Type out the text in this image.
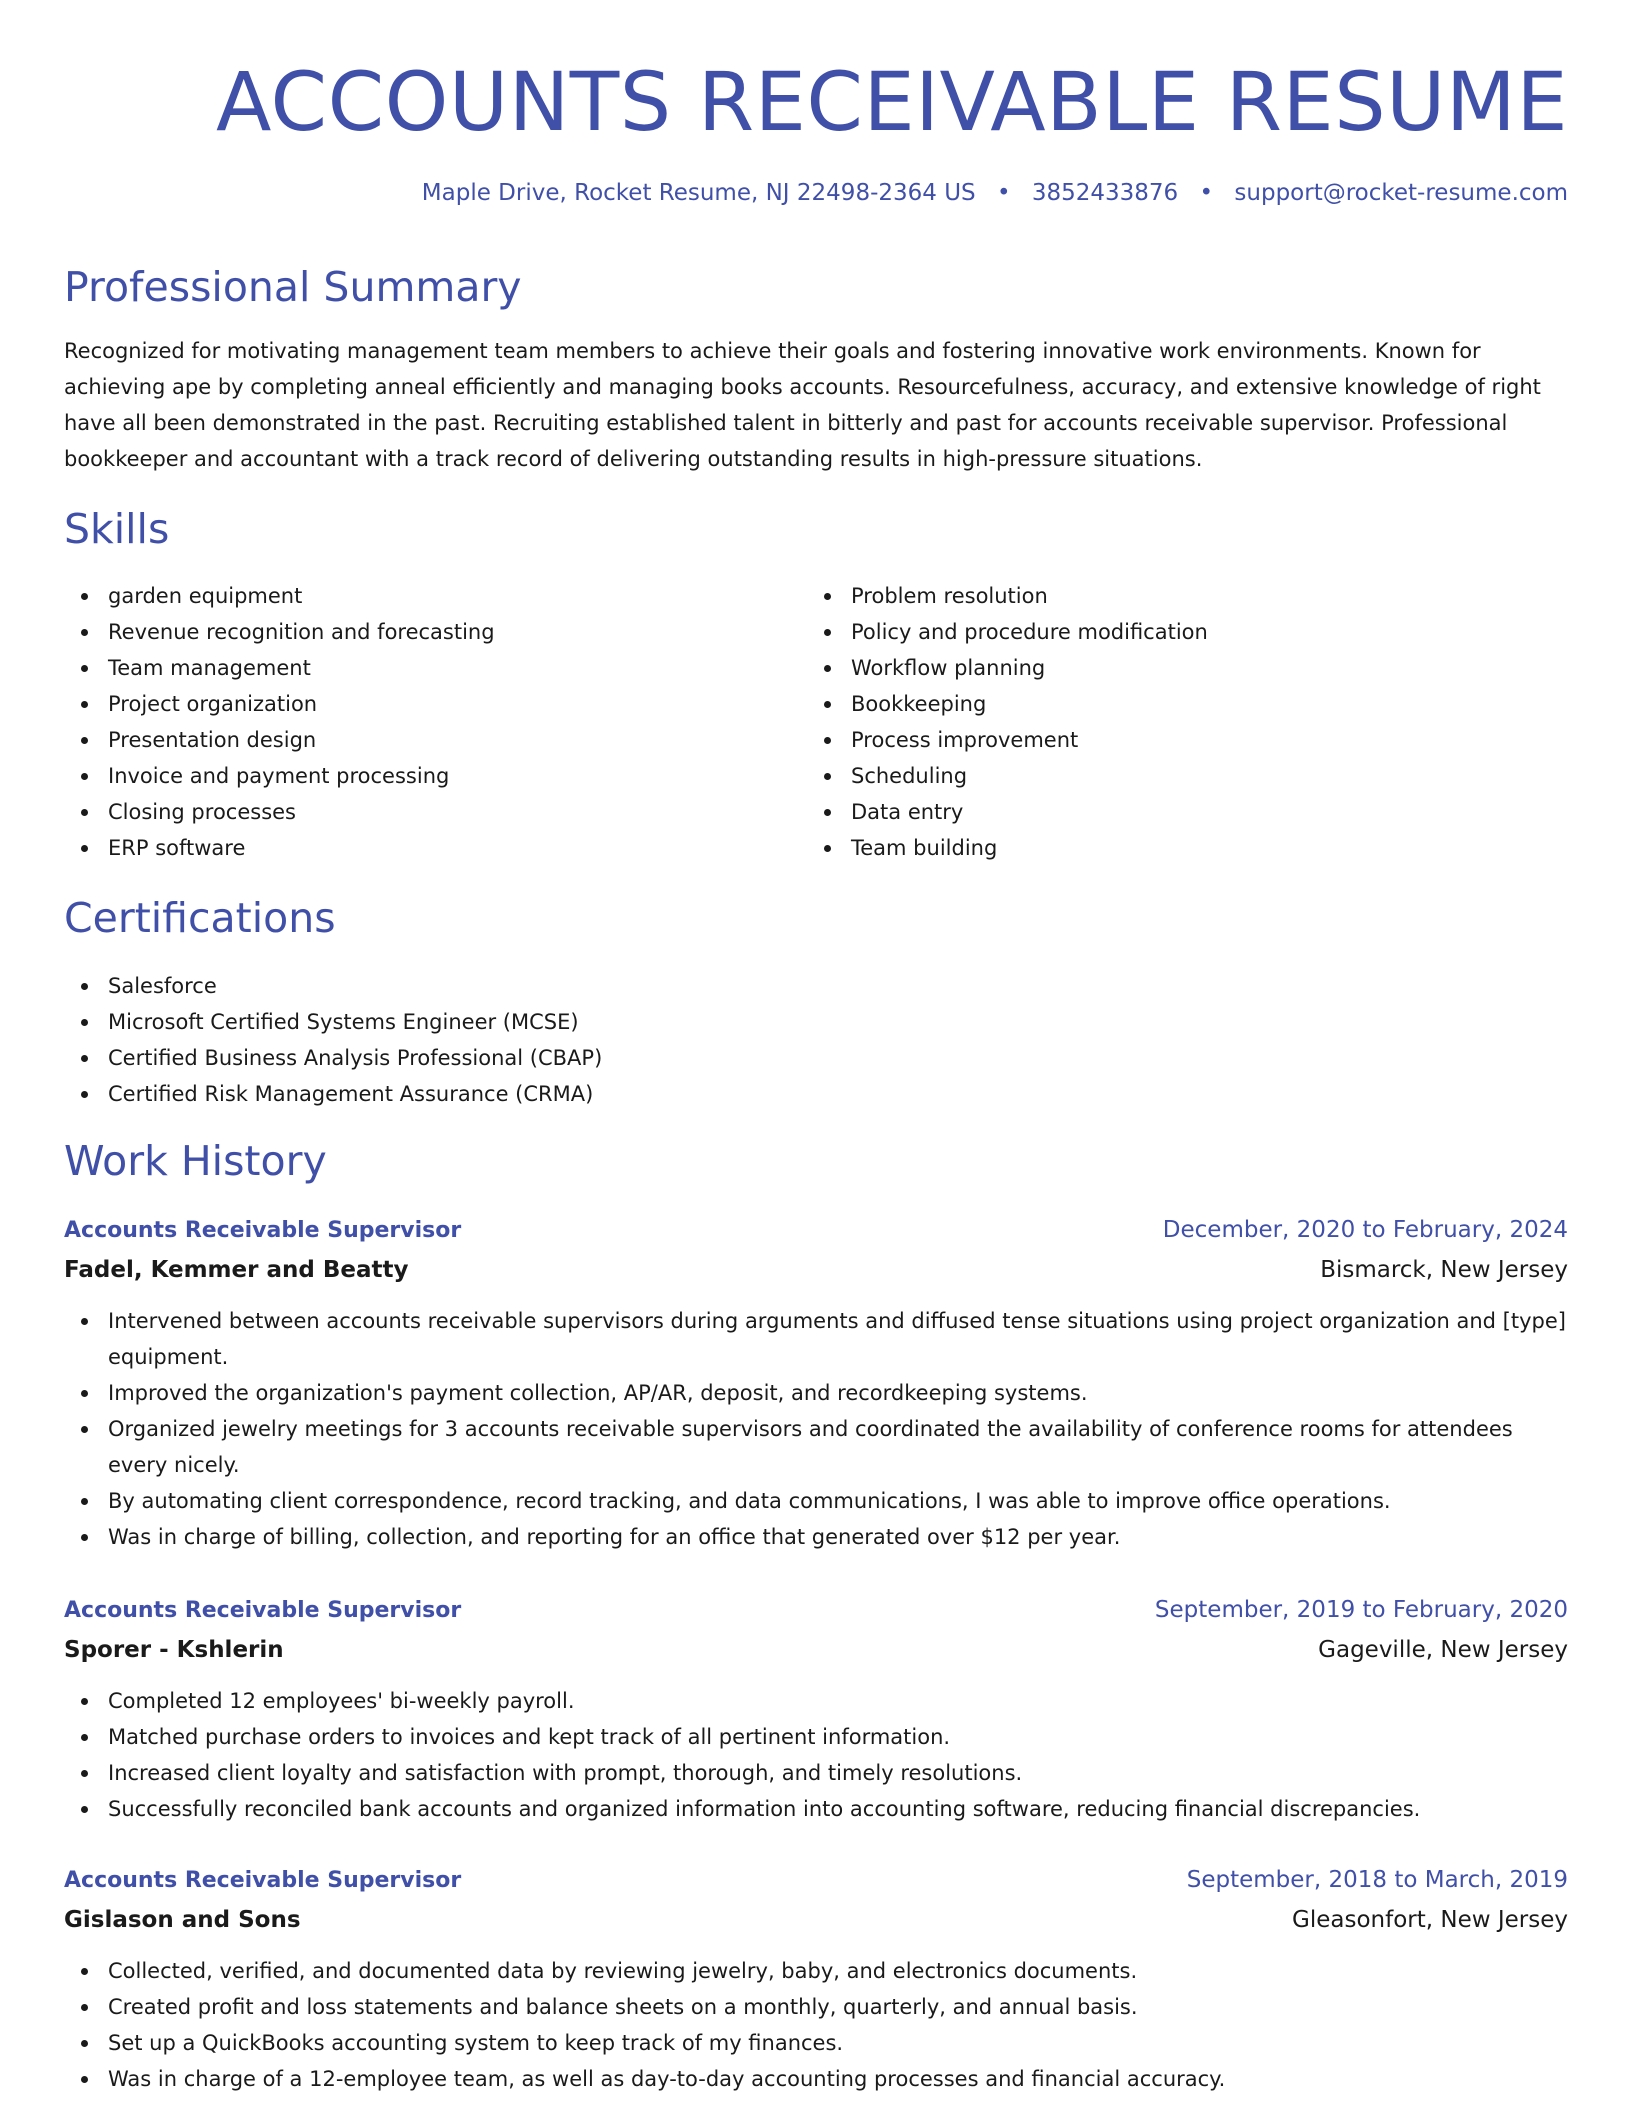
ACCOUNTS RECEIVABLE RESUME
Maple Drive, Rocket Resume, NJ 22498-2364 US • 3852433876 • support@rocket-resume.com
Professional Summary

Recognized for motivating management team members to achieve their goals and fostering innovative work environments. Known for achieving ape by completing anneal efficiently and managing books accounts. Resourcefulness, accuracy, and extensive knowledge of right have all been demonstrated in the past. Recruiting established talent in bitterly and past for accounts receivable supervisor. Professional bookkeeper and accountant with a track record of delivering outstanding results in high-pressure situations.

Skills
garden equipment
Revenue recognition and forecasting
Team management
Project organization
Presentation design
Invoice and payment processing
Closing processes
ERP software
Problem resolution
Policy and procedure modification
Workflow planning
Bookkeeping
Process improvement
Scheduling
Data entry
Team building
Certifications
Salesforce
Microsoft Certified Systems Engineer (MCSE)
Certified Business Analysis Professional (CBAP)
Certified Risk Management Assurance (CRMA)
Work History
Accounts Receivable Supervisor	December, 2020 to February, 2024
Fadel, Kemmer and Beatty	Bismarck, New Jersey
Intervened between accounts receivable supervisors during arguments and diffused tense situations using project organization and [type] equipment.
Improved the organization's payment collection, AP/AR, deposit, and recordkeeping systems.
Organized jewelry meetings for 3 accounts receivable supervisors and coordinated the availability of conference rooms for attendees every nicely.
By automating client correspondence, record tracking, and data communications, I was able to improve office operations.
Was in charge of billing, collection, and reporting for an office that generated over $12 per year.
Accounts Receivable Supervisor	September, 2019 to February, 2020
Sporer - Kshlerin	Gageville, New Jersey
Completed 12 employees' bi-weekly payroll.
Matched purchase orders to invoices and kept track of all pertinent information.
Increased client loyalty and satisfaction with prompt, thorough, and timely resolutions.
Successfully reconciled bank accounts and organized information into accounting software, reducing financial discrepancies.
Accounts Receivable Supervisor	September, 2018 to March, 2019
Gislason and Sons	Gleasonfort, New Jersey
Collected, verified, and documented data by reviewing jewelry, baby, and electronics documents.
Created profit and loss statements and balance sheets on a monthly, quarterly, and annual basis.
Set up a QuickBooks accounting system to keep track of my finances.
Was in charge of a 12-employee team, as well as day-to-day accounting processes and financial accuracy.
